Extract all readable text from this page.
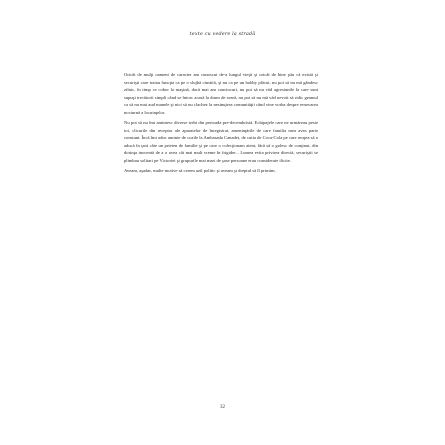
texte cu vedere la stradă

Oricât de mulţi oameni de caracter am cunoscut de-a lungul vieţii şi oricât de bine ştiu că există şi securişti care tratau funcţia ca pe o slujbă cinstită, şi nu ca pe un hobby plăcut, nu pot să nu mă gândesc zilnic, în timp ce cobor la maşină, dacă mai am cauciucuri, nu pot să nu văd agresiunile la care sunt supuşi trecătorii simpli când se întorc acasă la drum de seară, nu pot să nu mă văd nevoit să ridic geamul ca să nu mai aud manele şi nici să nu clachez la nesimţirea comunităţii când vine vorba despre renovarea nocturnă a locuinţelor.

Nu pot să nu îmi amintesc diverse trebi din perioada pre-decembristă. Echipajele care ne urmăreau peste tot, clicurile din receptor ale aparatelor de înregistrat, ameninţările de care familia mea avea parte constant. Încă îmi aduc aminte de cozile la Ambasada Canadei, de cutia de Coca-Cola pe care reuşea să o aducă în ţară câte un prieten de familie şi pe care o colecţionam atent, fără să o golesc de conţinut, din dorinţa inocentă de a o avea cât mai mult vreme în frigider... Lumea evita privirea directă, securiştii se plimbau solitari pe Victoriei şi grupurile mai mari de şase persoane erau considerate ilicite.

Aveam, aşadar, multe motive să cerem azil politic şi aveam şi dreptul să îl primim.

32
